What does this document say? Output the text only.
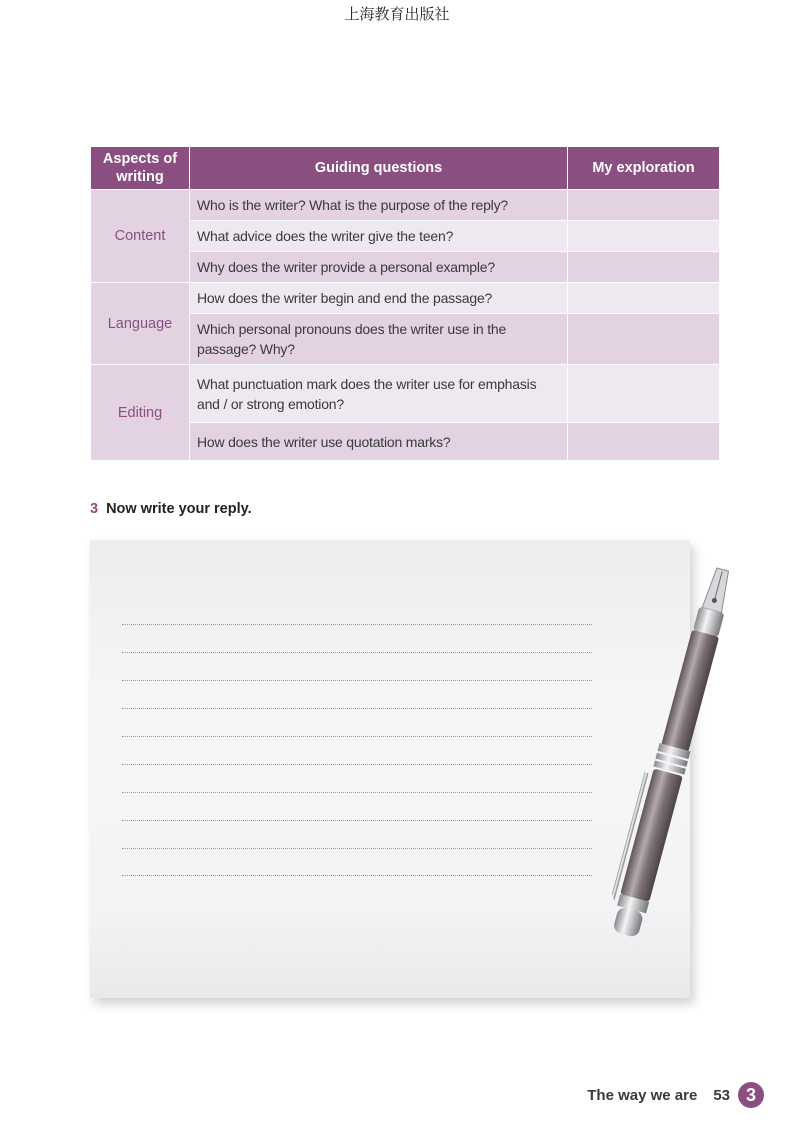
上海教育出版社
Aspects of writing	Guiding questions	My exploration
Content	Who is the writer? What is the purpose of the reply?	
	What advice does the writer give the teen?	
	Why does the writer provide a personal example?	
Language	How does the writer begin and end the passage?	
	Which personal pronouns does the writer use in the passage? Why?	
Editing	What punctuation mark does the writer use for emphasis and / or strong emotion?	
	How does the writer use quotation marks?	
3 Now write your reply.
The way we are 53 3
